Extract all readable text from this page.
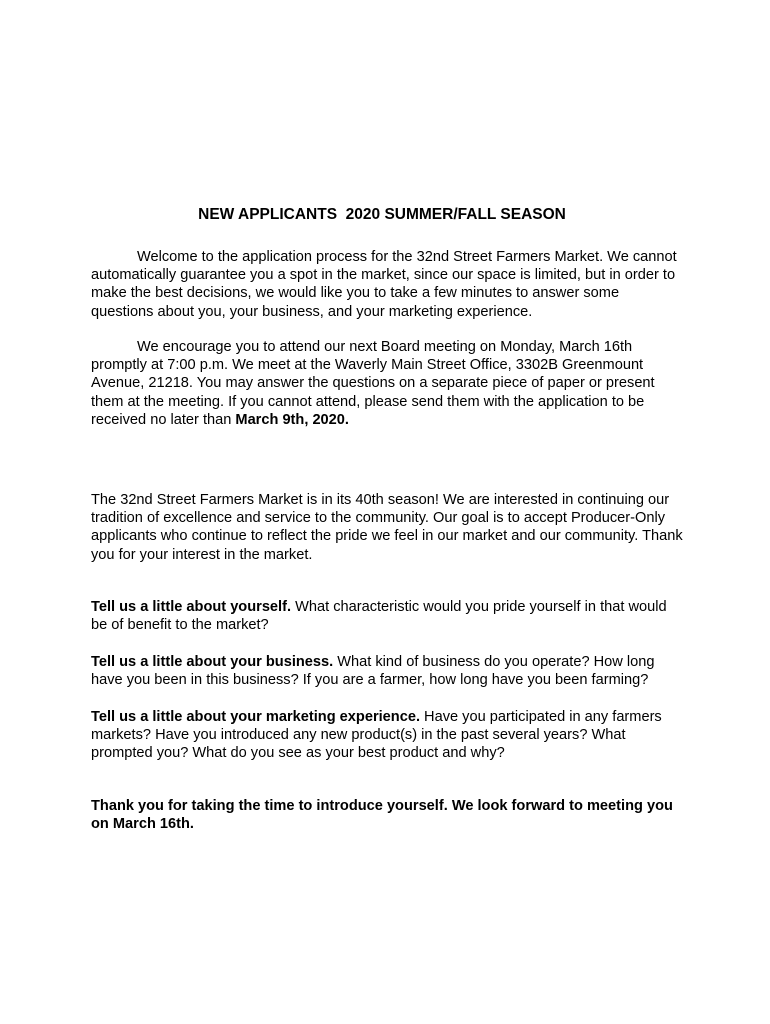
NEW APPLICANTS  2020 SUMMER/FALL SEASON

Welcome to the application process for the 32nd Street Farmers Market. We cannot automatically guarantee you a spot in the market, since our space is limited, but in order to make the best decisions, we would like you to take a few minutes to answer some questions about you, your business, and your marketing experience.

We encourage you to attend our next Board meeting on Monday, March 16th promptly at 7:00 p.m. We meet at the Waverly Main Street Office, 3302B Greenmount Avenue, 21218. You may answer the questions on a separate piece of paper or present them at the meeting. If you cannot attend, please send them with the application to be received no later than March 9th, 2020.

The 32nd Street Farmers Market is in its 40th season! We are interested in continuing our tradition of excellence and service to the community. Our goal is to accept Producer-Only applicants who continue to reflect the pride we feel in our market and our community. Thank you for your interest in the market.

Tell us a little about yourself. What characteristic would you pride yourself in that would be of benefit to the market?

Tell us a little about your business. What kind of business do you operate? How long have you been in this business? If you are a farmer, how long have you been farming?

Tell us a little about your marketing experience. Have you participated in any farmers markets? Have you introduced any new product(s) in the past several years? What prompted you? What do you see as your best product and why?

Thank you for taking the time to introduce yourself. We look forward to meeting you on March 16th.
